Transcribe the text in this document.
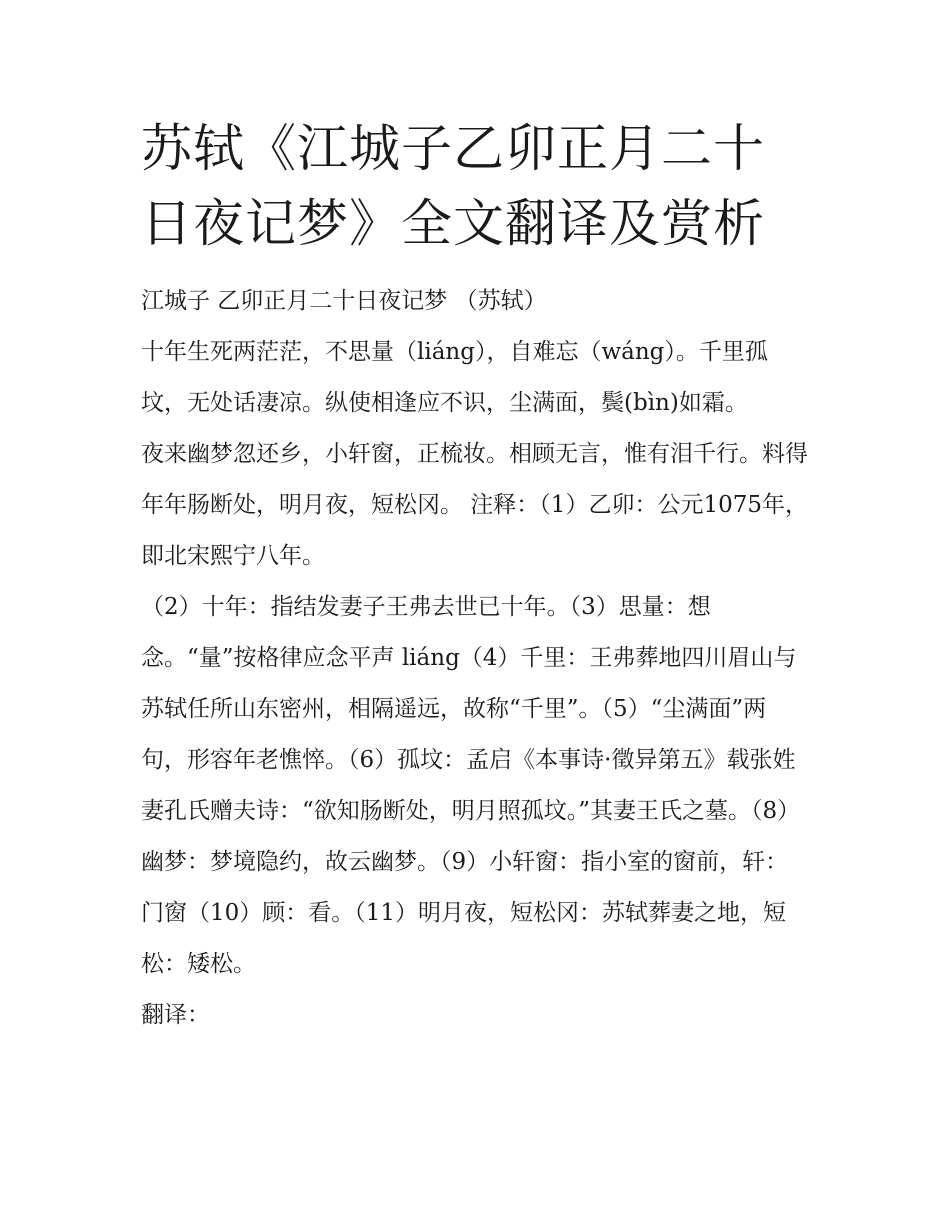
苏轼《江城子乙卯正月二十日夜记梦》全文翻译及赏析

江城子 乙卯正月二十日夜记梦 （苏轼）

十年生死两茫茫，不思量（liáng），自难忘（wáng）。千里孤坟，无处话凄凉。纵使相逢应不识，尘满面，鬓(bìn)如霜。

夜来幽梦忽还乡，小轩窗，正梳妆。相顾无言，惟有泪千行。料得年年肠断处，明月夜，短松冈。 注释：（1）乙卯：公元1075年，即北宋熙宁八年。

（2）十年：指结发妻子王弗去世已十年。（3）思量：想念。“量”按格律应念平声 liáng（4）千里：王弗葬地四川眉山与苏轼任所山东密州，相隔遥远，故称“千里”。（5）“尘满面”两句，形容年老憔悴。（6）孤坟：孟启《本事诗·徵异第五》载张姓妻孔氏赠夫诗：“欲知肠断处，明月照孤坟。”其妻王氏之墓。（8）幽梦：梦境隐约，故云幽梦。（9）小轩窗：指小室的窗前，轩：门窗（10）顾：看。（11）明月夜，短松冈：苏轼葬妻之地，短松：矮松。

翻译：
